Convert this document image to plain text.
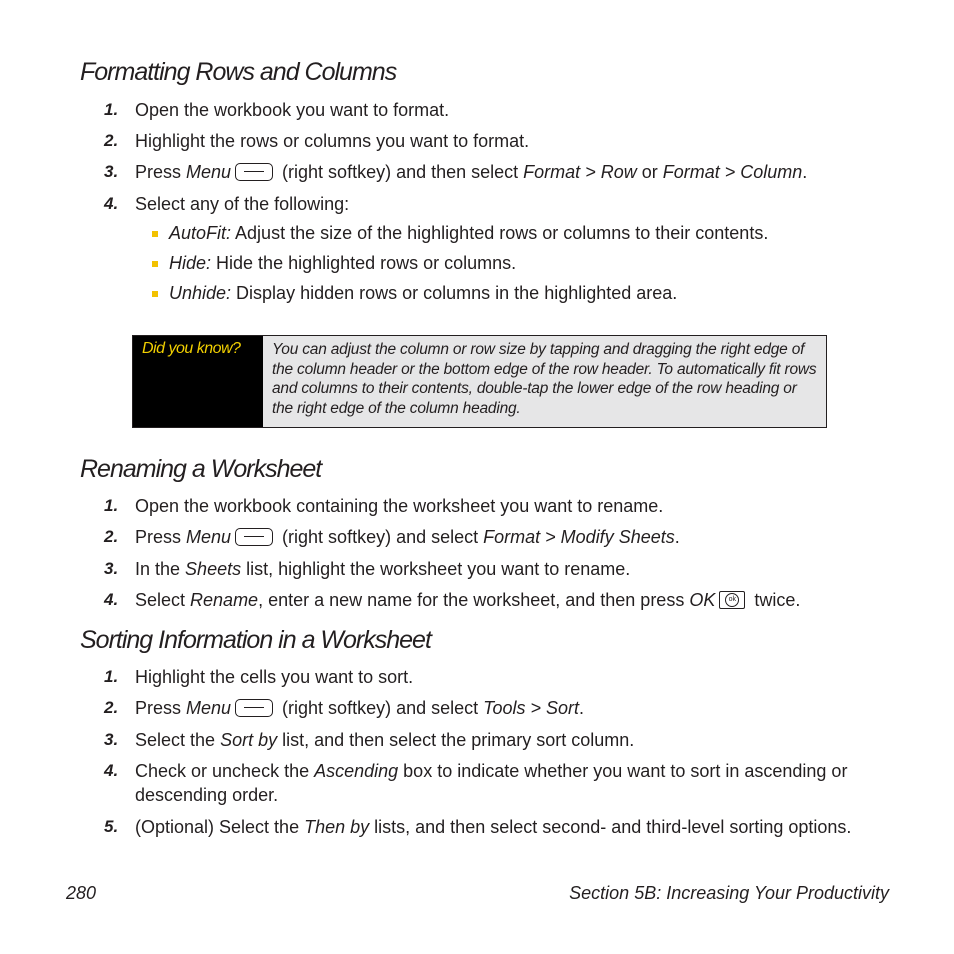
Formatting Rows and Columns
1. Open the workbook you want to format.
2. Highlight the rows or columns you want to format.
3. Press Menu	(right softkey) and then select Format > Row or Format > Column.
4. Select any of the following:
AutoFit: Adjust the size of the highlighted rows or columns to their contents.
Hide: Hide the highlighted rows or columns.
Unhide: Display hidden rows or columns in the highlighted area.
Did you know? You can adjust the column or row size by tapping and dragging the right edge of the column header or the bottom edge of the row header. To automatically fit rows and columns to their contents, double-tap the lower edge of the row heading or the right edge of the column heading.
Renaming a Worksheet
1. Open the workbook containing the worksheet you want to rename.
2. Press Menu	(right softkey) and select Format > Modify Sheets.
3. In the Sheets list, highlight the worksheet you want to rename.
4. Select Rename, enter a new name for the worksheet, and then press OKok twice.
Sorting Information in a Worksheet
1. Highlight the cells you want to sort.
2. Press Menu	(right softkey) and select Tools > Sort.
3. Select the Sort by list, and then select the primary sort column.
4. Check or uncheck the Ascending box to indicate whether you want to sort in ascending or descending order.
5. (Optional) Select the Then by lists, and then select second- and third-level sorting options.
280	Section 5B: Increasing Your Productivity
